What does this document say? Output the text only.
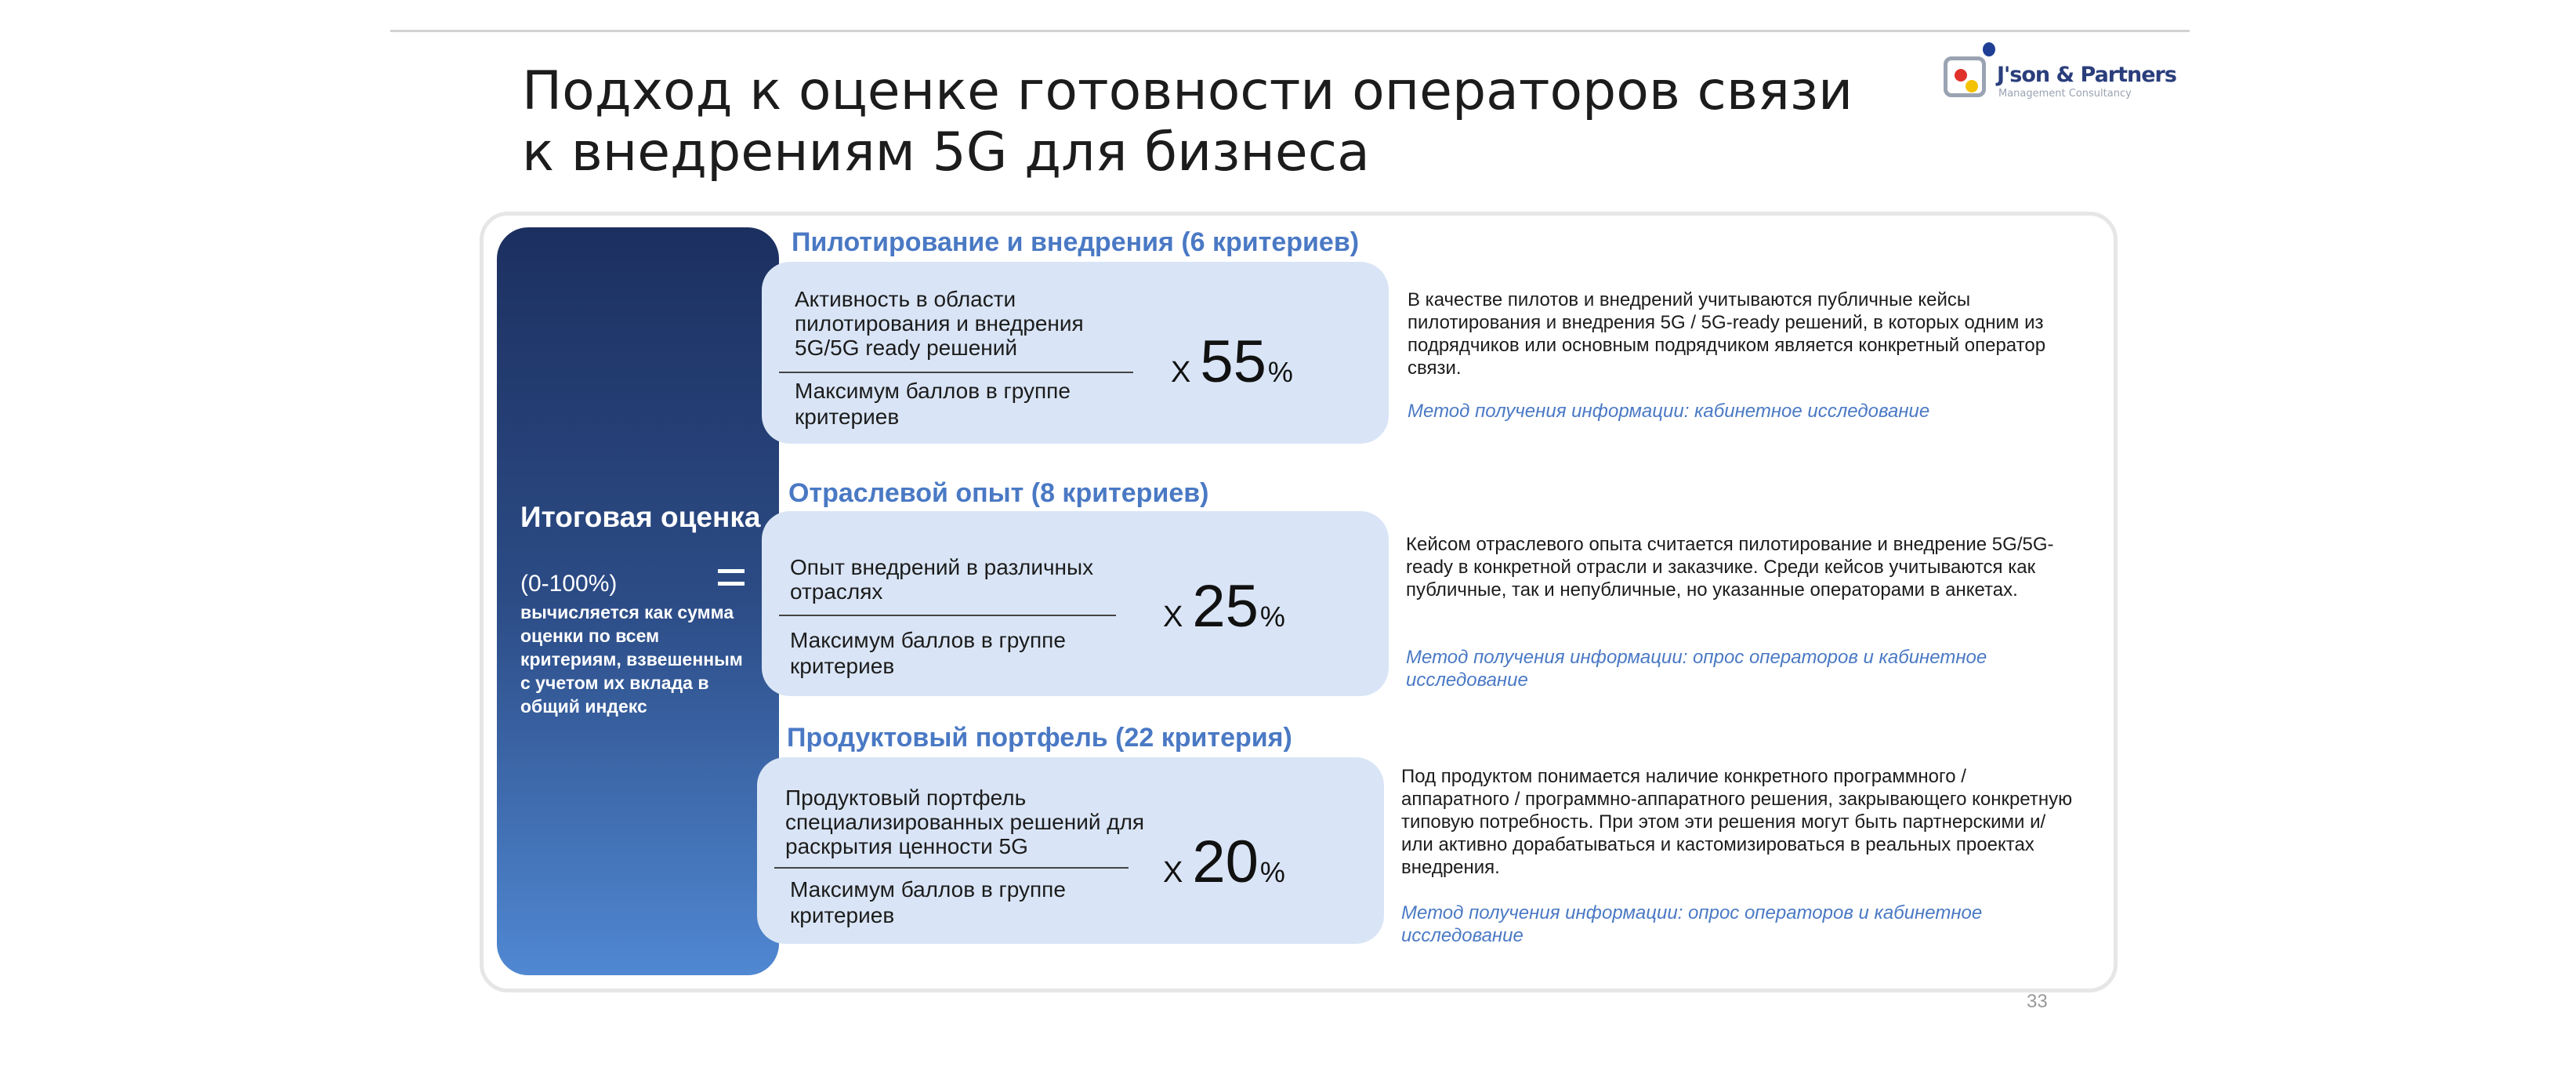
Подход к оценке готовности операторов связи
к внедрениям 5G для бизнеса
J'son & Partners
Management Consultancy
Итоговая оценка
(0-100%)
вычисляется как сумма оценки по всем критериям, взвешенным с учетом их вклада в общий индекс
Пилотирование и внедрения (6 критериев)
Активность в области пилотирования и внедрения 5G/5G ready решений
Максимум баллов в группе критериев
X 55 %
В качестве пилотов и внедрений учитываются публичные кейсы пилотирования и внедрения 5G / 5G-ready решений, в которых одним из подрядчиков или основным подрядчиком является конкретный оператор связи.
Метод получения информации: кабинетное исследование
Отраслевой опыт (8 критериев)
Опыт внедрений в различных отраслях
Максимум баллов в группе критериев
X 25 %
Кейсом отраслевого опыта считается пилотирование и внедрение 5G/5G-ready в конкретной отрасли и заказчике. Среди кейсов учитываются как публичные, так и непубличные, но указанные операторами в анкетах.
Метод получения информации: опрос операторов и кабинетное исследование
Продуктовый портфель (22 критерия)
Продуктовый портфель специализированных решений для раскрытия ценности 5G
Максимум баллов в группе критериев
X 20 %
Под продуктом понимается наличие конкретного программного / аппаратного / программно-аппаратного решения, закрывающего конкретную типовую потребность. При этом эти решения могут быть партнерскими и/или активно дорабатываться и кастомизироваться в реальных проектах внедрения.
Метод получения информации: опрос операторов и кабинетное исследование
33
